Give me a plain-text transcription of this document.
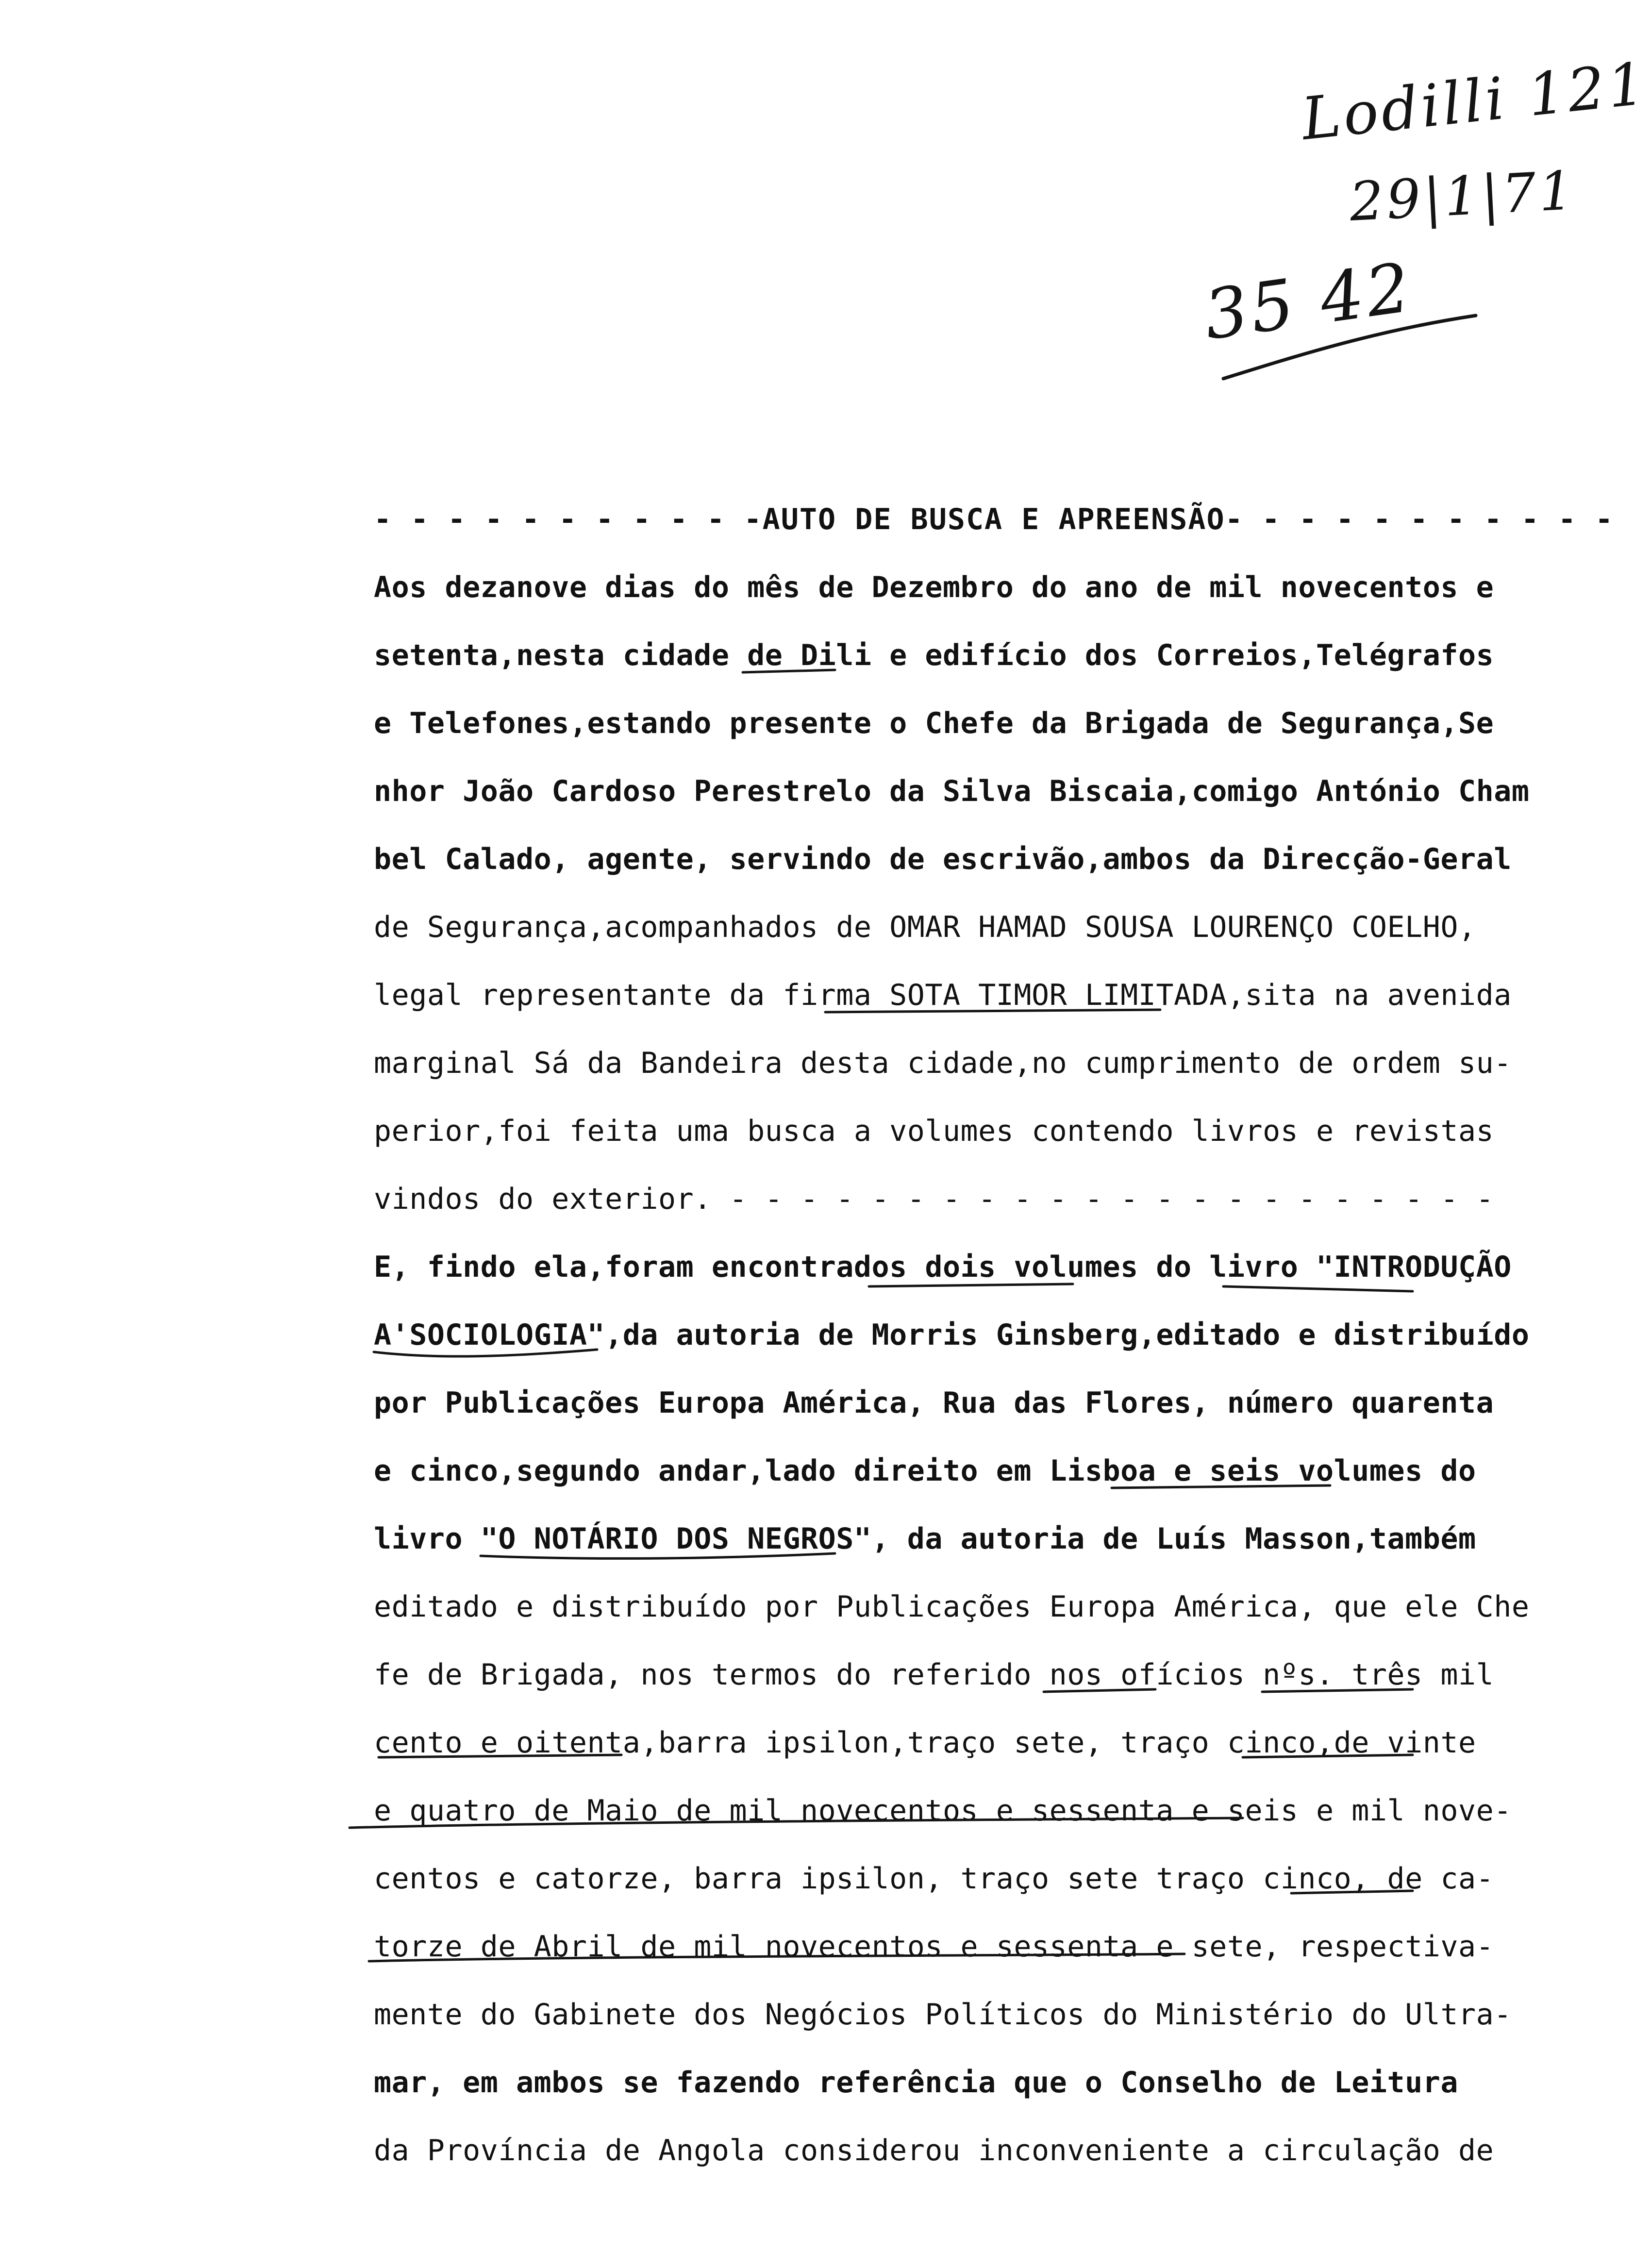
Lodilli 121
29|1|71
35 42
- - - - - - - - - - -AUTO DE BUSCA E APREENSÃO- - - - - - - - - - -
Aos dezanove dias do mês de Dezembro do ano de mil novecentos e
setenta,nesta cidade de Dili e edifício dos Correios,Telégrafos
e Telefones,estando presente o Chefe da Brigada de Segurança,Se
nhor João Cardoso Perestrelo da Silva Biscaia,comigo António Cham
bel Calado, agente, servindo de escrivão,ambos da Direcção-Geral
de Segurança,acompanhados de OMAR HAMAD SOUSA LOURENÇO COELHO,
legal representante da firma SOTA TIMOR LIMITADA,sita na avenida
marginal Sá da Bandeira desta cidade,no cumprimento de ordem su-
perior,foi feita uma busca a volumes contendo livros e revistas
vindos do exterior. - - - - - - - - - - - - - - - - - - - - - -
E, findo ela,foram encontrados dois volumes do livro "INTRODUÇÃO
A'SOCIOLOGIA",da autoria de Morris Ginsberg,editado e distribuído
por Publicações Europa América, Rua das Flores, número quarenta
e cinco,segundo andar,lado direito em Lisboa e seis volumes do
livro "O NOTÁRIO DOS NEGROS", da autoria de Luís Masson,também
editado e distribuído por Publicações Europa América, que ele Che
fe de Brigada, nos termos do referido nos ofícios nºs. três mil
cento e oitenta,barra ipsilon,traço sete, traço cinco,de vinte
e quatro de Maio de mil novecentos e sessenta e seis e mil nove-
centos e catorze, barra ipsilon, traço sete traço cinco, de ca-
torze de Abril de mil novecentos e sessenta e sete, respectiva-
mente do Gabinete dos Negócios Políticos do Ministério do Ultra-
mar, em ambos se fazendo referência que o Conselho de Leitura
da Província de Angola considerou inconveniente a circulação de
